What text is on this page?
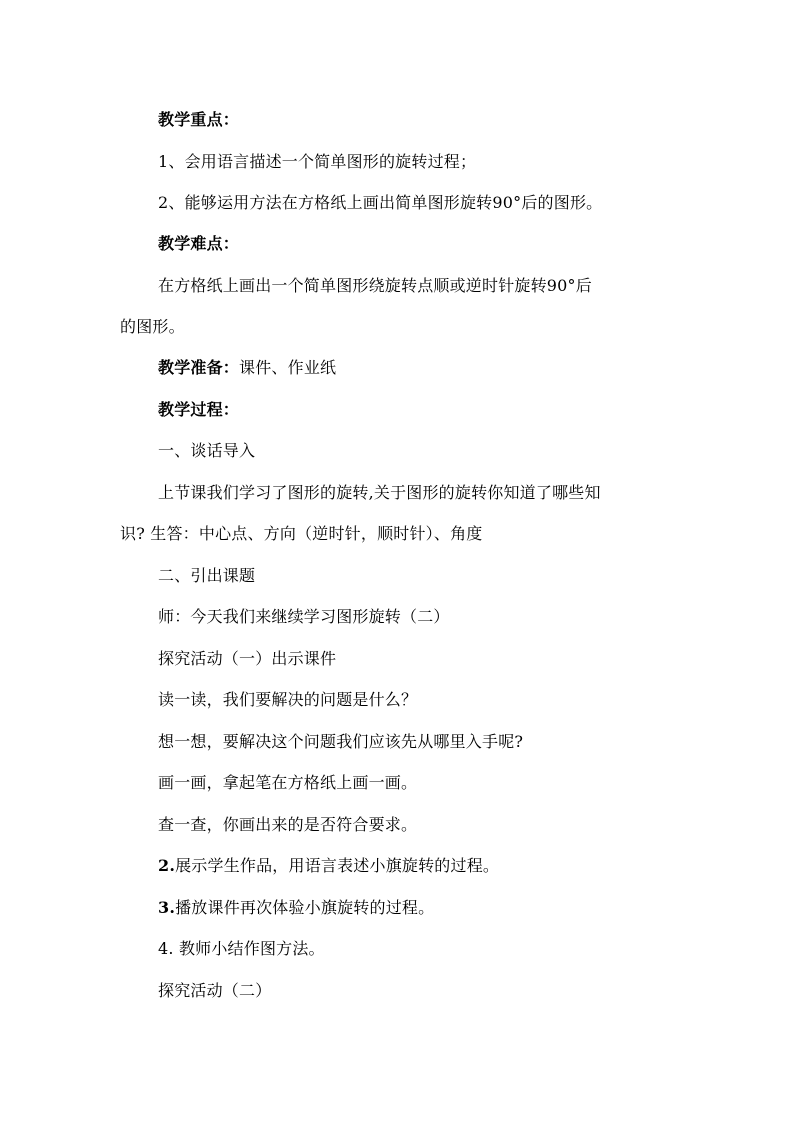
教学重点：
1、会用语言描述一个简单图形的旋转过程；
2、能够运用方法在方格纸上画出简单图形旋转90°后的图形。
教学难点：
在方格纸上画出一个简单图形绕旋转点顺或逆时针旋转90°后
的图形。
教学准备：课件、作业纸
教学过程：
一、谈话导入
上节课我们学习了图形的旋转,关于图形的旋转你知道了哪些知
识? 生答：中心点、方向（逆时针，顺时针）、角度
二、引出课题
师：今天我们来继续学习图形旋转（二）
探究活动（一）出示课件
读一读，我们要解决的问题是什么？
想一想，要解决这个问题我们应该先从哪里入手呢?
画一画，拿起笔在方格纸上画一画。
查一查，你画出来的是否符合要求。
2.展示学生作品，用语言表述小旗旋转的过程。
3.播放课件再次体验小旗旋转的过程。
4. 教师小结作图方法。
探究活动（二）
